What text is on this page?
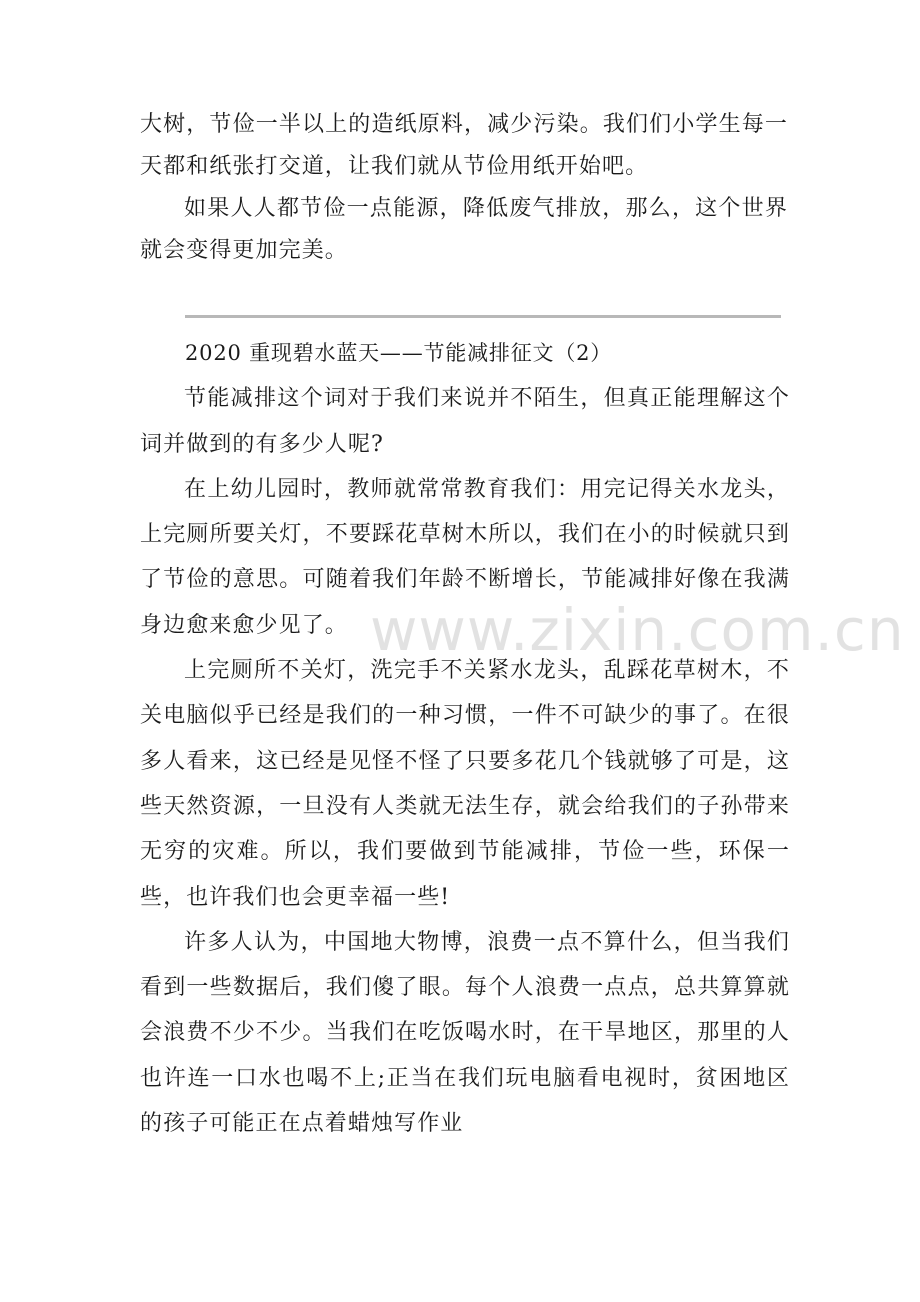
大树，节俭一半以上的造纸原料，减少污染。我们们小学生每一天都和纸张打交道，让我们就从节俭用纸开始吧。

如果人人都节俭一点能源，降低废气排放，那么，这个世界就会变得更加完美。

2020 重现碧水蓝天——节能减排征文（2）

节能减排这个词对于我们来说并不陌生，但真正能理解这个词并做到的有多少人呢?

在上幼儿园时，教师就常常教育我们：用完记得关水龙头，上完厕所要关灯，不要踩花草树木所以，我们在小的时候就只到了节俭的意思。可随着我们年龄不断增长，节能减排好像在我满身边愈来愈少见了。

上完厕所不关灯，洗完手不关紧水龙头，乱踩花草树木，不关电脑似乎已经是我们的一种习惯，一件不可缺少的事了。在很多人看来，这已经是见怪不怪了只要多花几个钱就够了可是，这些天然资源，一旦没有人类就无法生存，就会给我们的子孙带来无穷的灾难。所以，我们要做到节能减排，节俭一些，环保一些，也许我们也会更幸福一些!

许多人认为，中国地大物博，浪费一点不算什么，但当我们看到一些数据后，我们傻了眼。每个人浪费一点点，总共算算就会浪费不少不少。当我们在吃饭喝水时，在干旱地区，那里的人也许连一口水也喝不上;正当在我们玩电脑看电视时，贫困地区的孩子可能正在点着蜡烛写作业

www.zixin.com.cn
